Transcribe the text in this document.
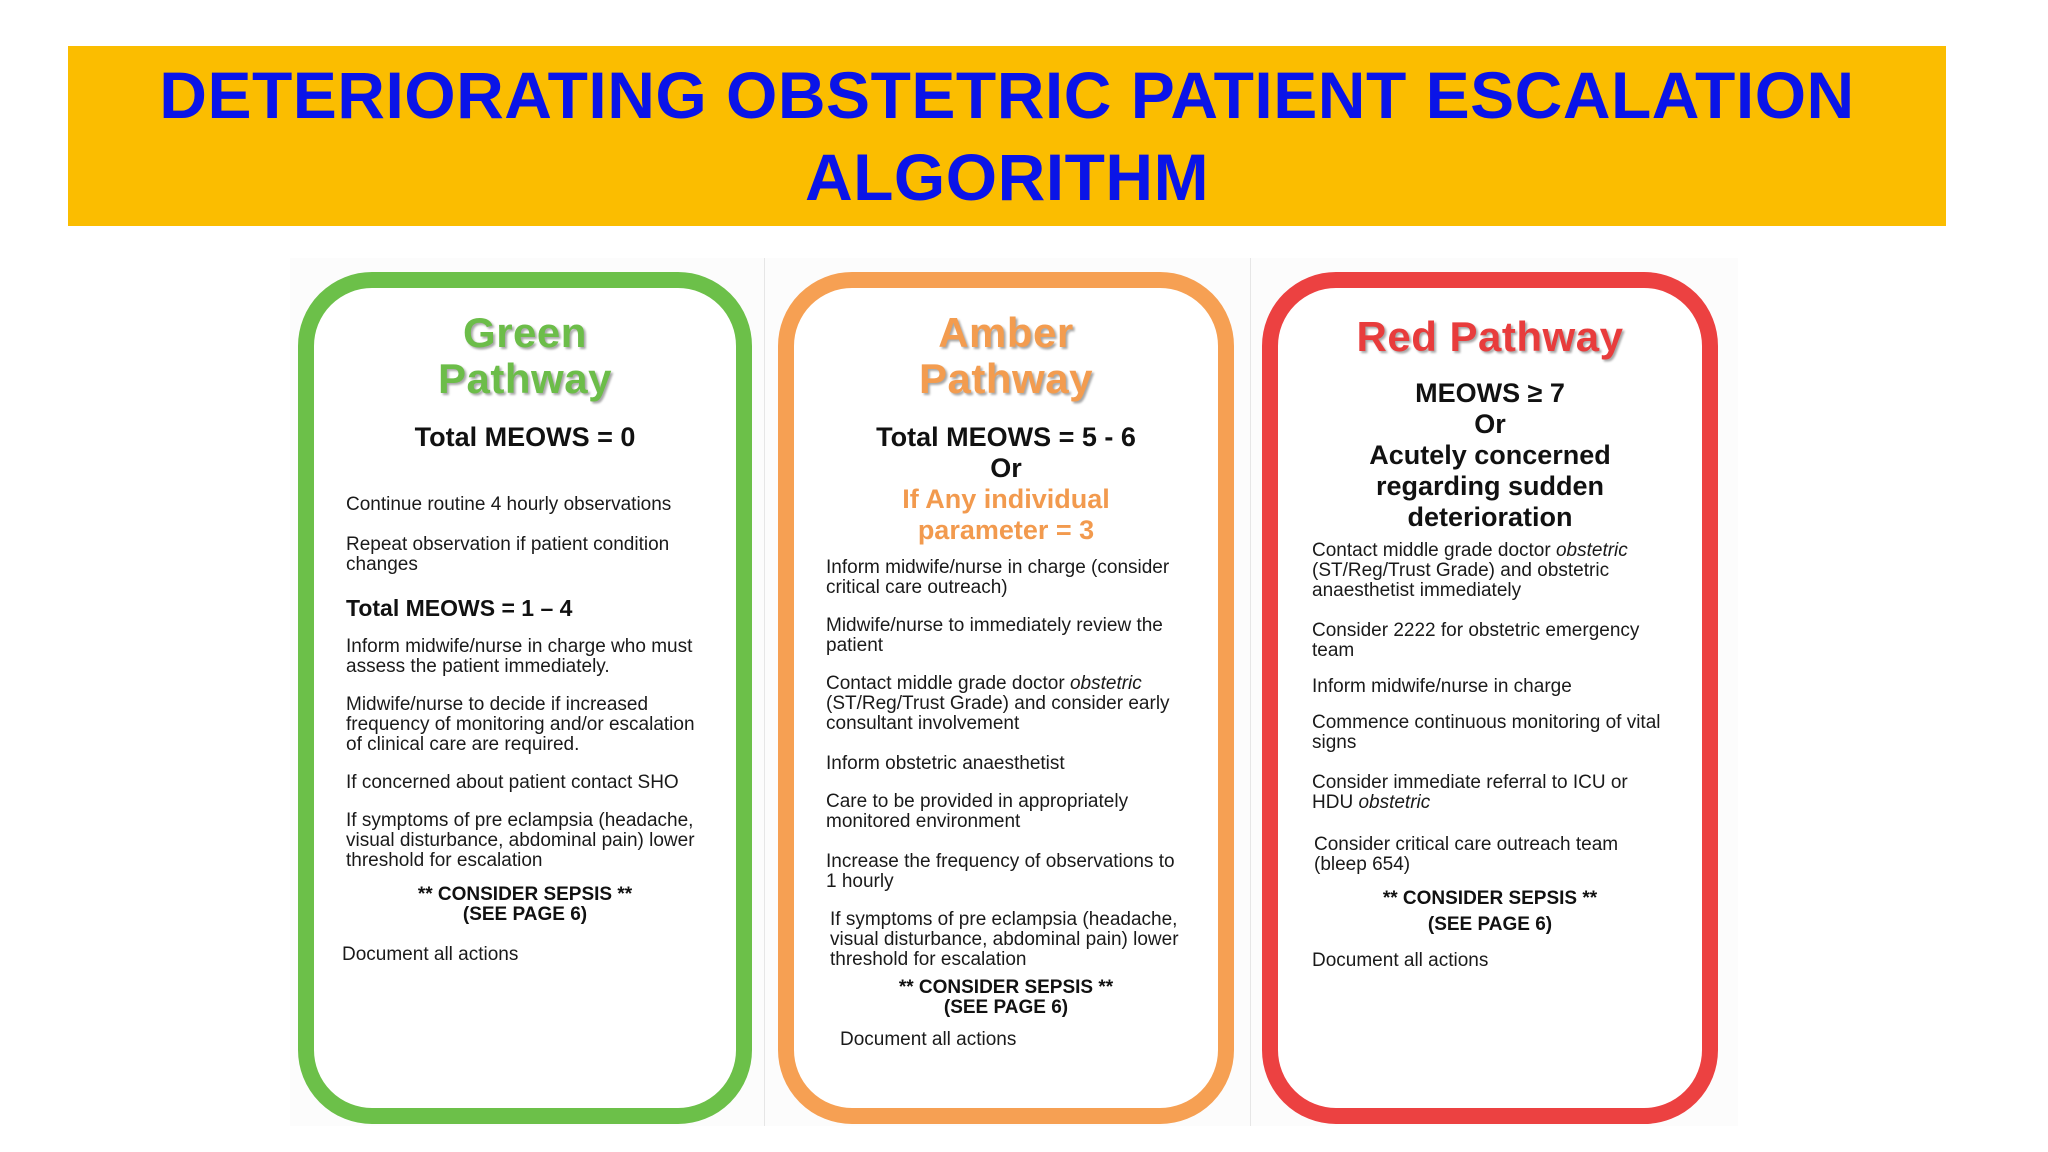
DETERIORATING OBSTETRIC PATIENT ESCALATION ALGORITHM
Green
Pathway
Total MEOWS = 0
Continue routine 4 hourly observations
Repeat observation if patient condition changes
Total MEOWS = 1 – 4
Inform midwife/nurse in charge who must assess the patient immediately.
Midwife/nurse to decide if increased frequency of monitoring and/or escalation of clinical care are required.
If concerned about patient contact SHO
If symptoms of pre eclampsia (headache, visual disturbance, abdominal pain) lower threshold for escalation
** CONSIDER SEPSIS **
(SEE PAGE 6)
Document all actions
Amber
Pathway
Total MEOWS = 5 - 6
Or
If Any individual
parameter = 3
Inform midwife/nurse in charge (consider critical care outreach)
Midwife/nurse to immediately review the patient
Contact middle grade doctor obstetric (ST/Reg/Trust Grade) and consider early consultant involvement
Inform obstetric anaesthetist
Care to be provided in appropriately monitored environment
Increase the frequency of observations to 1 hourly
If symptoms of pre eclampsia (headache, visual disturbance, abdominal pain) lower threshold for escalation
** CONSIDER SEPSIS **
(SEE PAGE 6)
Document all actions
Red Pathway
MEOWS ≥ 7
Or
Acutely concerned
regarding sudden
deterioration
Contact middle grade doctor obstetric (ST/Reg/Trust Grade) and obstetric anaesthetist immediately
Consider 2222 for obstetric emergency team
Inform midwife/nurse in charge
Commence continuous monitoring of vital signs
Consider immediate referral to ICU or HDU obstetric
Consider critical care outreach team (bleep 654)
** CONSIDER SEPSIS **
(SEE PAGE 6)
Document all actions
